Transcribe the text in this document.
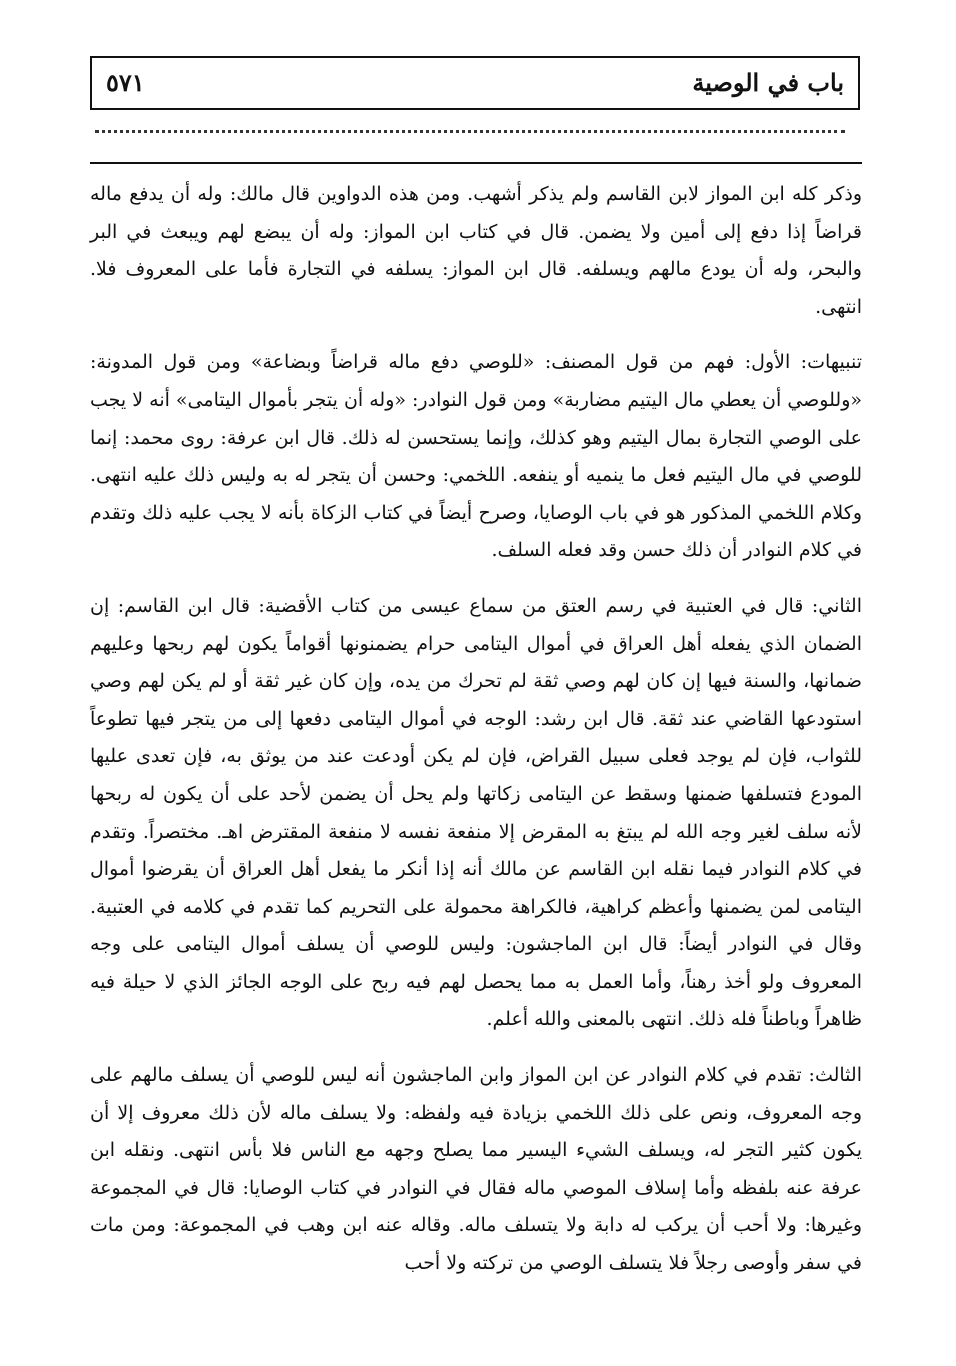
باب في الوصية
٥٧١

وذكر كله ابن المواز لابن القاسم ولم يذكر أشهب. ومن هذه الدواوين قال مالك: وله أن يدفع ماله قراضاً إذا دفع إلى أمين ولا يضمن. قال في كتاب ابن المواز: وله أن يبضع لهم ويبعث في البر والبحر، وله أن يودع مالهم ويسلفه. قال ابن المواز: يسلفه في التجارة فأما على المعروف فلا. انتهى.

تنبيهات: الأول: فهم من قول المصنف: «للوصي دفع ماله قراضاً وبضاعة» ومن قول المدونة: «وللوصي أن يعطي مال اليتيم مضاربة» ومن قول النوادر: «وله أن يتجر بأموال اليتامى» أنه لا يجب على الوصي التجارة بمال اليتيم وهو كذلك، وإنما يستحسن له ذلك. قال ابن عرفة: روى محمد: إنما للوصي في مال اليتيم فعل ما ينميه أو ينفعه. اللخمي: وحسن أن يتجر له به وليس ذلك عليه انتهى. وكلام اللخمي المذكور هو في باب الوصايا، وصرح أيضاً في كتاب الزكاة بأنه لا يجب عليه ذلك وتقدم في كلام النوادر أن ذلك حسن وقد فعله السلف.

الثاني: قال في العتبية في رسم العتق من سماع عيسى من كتاب الأقضية: قال ابن القاسم: إن الضمان الذي يفعله أهل العراق في أموال اليتامى حرام يضمنونها أقواماً يكون لهم ربحها وعليهم ضمانها، والسنة فيها إن كان لهم وصي ثقة لم تحرك من يده، وإن كان غير ثقة أو لم يكن لهم وصي استودعها القاضي عند ثقة. قال ابن رشد: الوجه في أموال اليتامى دفعها إلى من يتجر فيها تطوعاً للثواب، فإن لم يوجد فعلى سبيل القراض، فإن لم يكن أودعت عند من يوثق به، فإن تعدى عليها المودع فتسلفها ضمنها وسقط عن اليتامى زكاتها ولم يحل أن يضمن لأحد على أن يكون له ربحها لأنه سلف لغير وجه الله لم يبتغ به المقرض إلا منفعة نفسه لا منفعة المقترض اهـ. مختصراً. وتقدم في كلام النوادر فيما نقله ابن القاسم عن مالك أنه إذا أنكر ما يفعل أهل العراق أن يقرضوا أموال اليتامى لمن يضمنها وأعظم كراهية، فالكراهة محمولة على التحريم كما تقدم في كلامه في العتبية. وقال في النوادر أيضاً: قال ابن الماجشون: وليس للوصي أن يسلف أموال اليتامى على وجه المعروف ولو أخذ رهناً، وأما العمل به مما يحصل لهم فيه ربح على الوجه الجائز الذي لا حيلة فيه ظاهراً وباطناً فله ذلك. انتهى بالمعنى والله أعلم.

الثالث: تقدم في كلام النوادر عن ابن المواز وابن الماجشون أنه ليس للوصي أن يسلف مالهم على وجه المعروف، ونص على ذلك اللخمي بزيادة فيه ولفظه: ولا يسلف ماله لأن ذلك معروف إلا أن يكون كثير التجر له، ويسلف الشيء اليسير مما يصلح وجهه مع الناس فلا بأس انتهى. ونقله ابن عرفة عنه بلفظه وأما إسلاف الموصي ماله فقال في النوادر في كتاب الوصايا: قال في المجموعة وغيرها: ولا أحب أن يركب له دابة ولا يتسلف ماله. وقاله عنه ابن وهب في المجموعة: ومن مات في سفر وأوصى رجلاً فلا يتسلف الوصي من تركته ولا أحب
